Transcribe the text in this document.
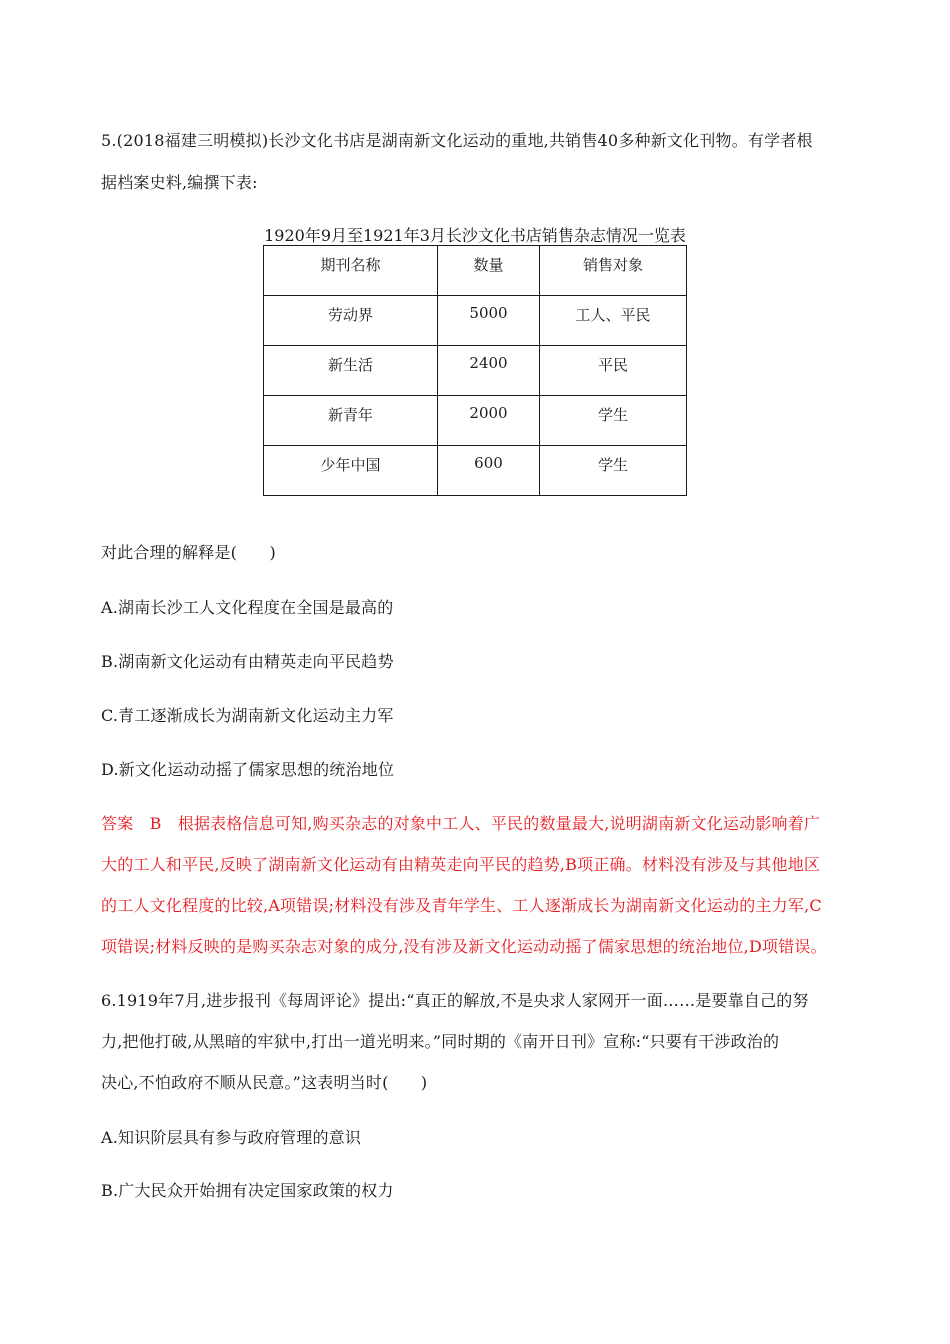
5.(2018福建三明模拟)长沙文化书店是湖南新文化运动的重地,共销售40多种新文化刊物。有学者根
据档案史料,编撰下表:
1920年9月至1921年3月长沙文化书店销售杂志情况一览表
期刊名称	数量	销售对象
劳动界	5000	工人、平民
新生活	2400	平民
新青年	2000	学生
少年中国	600	学生
对此合理的解释是(　　)
A.湖南长沙工人文化程度在全国是最高的
B.湖南新文化运动有由精英走向平民趋势
C.青工逐渐成长为湖南新文化运动主力军
D.新文化运动动摇了儒家思想的统治地位
答案　B　根据表格信息可知,购买杂志的对象中工人、平民的数量最大,说明湖南新文化运动影响着广
大的工人和平民,反映了湖南新文化运动有由精英走向平民的趋势,B项正确。材料没有涉及与其他地区
的工人文化程度的比较,A项错误;材料没有涉及青年学生、工人逐渐成长为湖南新文化运动的主力军,C
项错误;材料反映的是购买杂志对象的成分,没有涉及新文化运动动摇了儒家思想的统治地位,D项错误。
6.1919年7月,进步报刊《每周评论》提出:“真正的解放,不是央求人家网开一面……是要靠自己的努
力,把他打破,从黑暗的牢狱中,打出一道光明来。”同时期的《南开日刊》宣称:“只要有干涉政治的
决心,不怕政府不顺从民意。”这表明当时(　　)
A.知识阶层具有参与政府管理的意识
B.广大民众开始拥有决定国家政策的权力
